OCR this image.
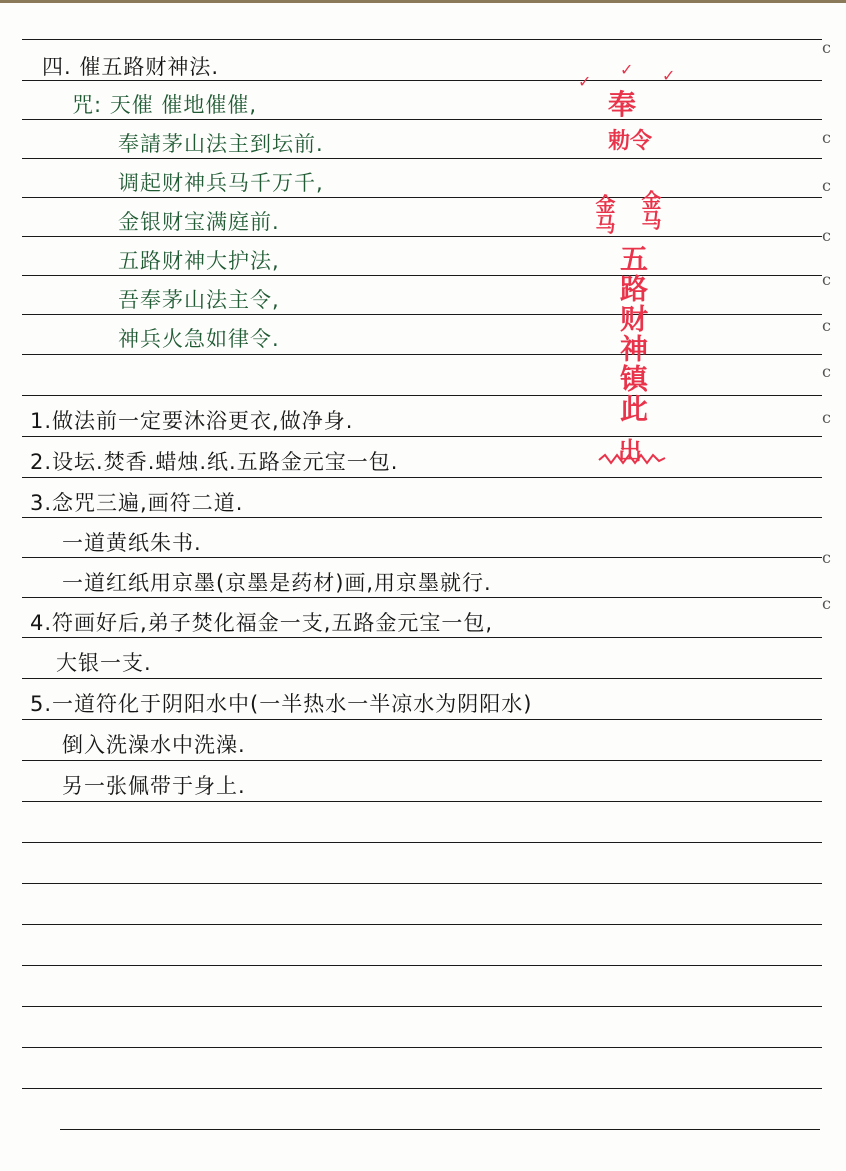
四. 催五路财神法.
咒: 天催 催地催催,
奉請茅山法主到坛前.
调起财神兵马千万千,
金银财宝满庭前.
五路财神大护法,
吾奉茅山法主令,
神兵火急如律令.
1.做法前一定要沐浴更衣,做净身.
2.设坛.焚香.蜡烛.纸.五路金元宝一包.
3.念咒三遍,画符二道.
一道黄纸朱书.
一道红纸用京墨(京墨是药材)画,用京墨就行.
4.符画好后,弟子焚化福金一支,五路金元宝一包,
大银一支.
5.一道符化于阴阳水中(一半热水一半凉水为阴阳水)
倒入洗澡水中洗澡.
另一张佩带于身上.
✓
✓ ✓
奉
勅令
金马 金马
五路财神镇此
出
ⅽ
ⅽ
ⅽ
ⅽ
ⅽ
ⅽ
ⅽ
ⅽ
ⅽ
ⅽ
